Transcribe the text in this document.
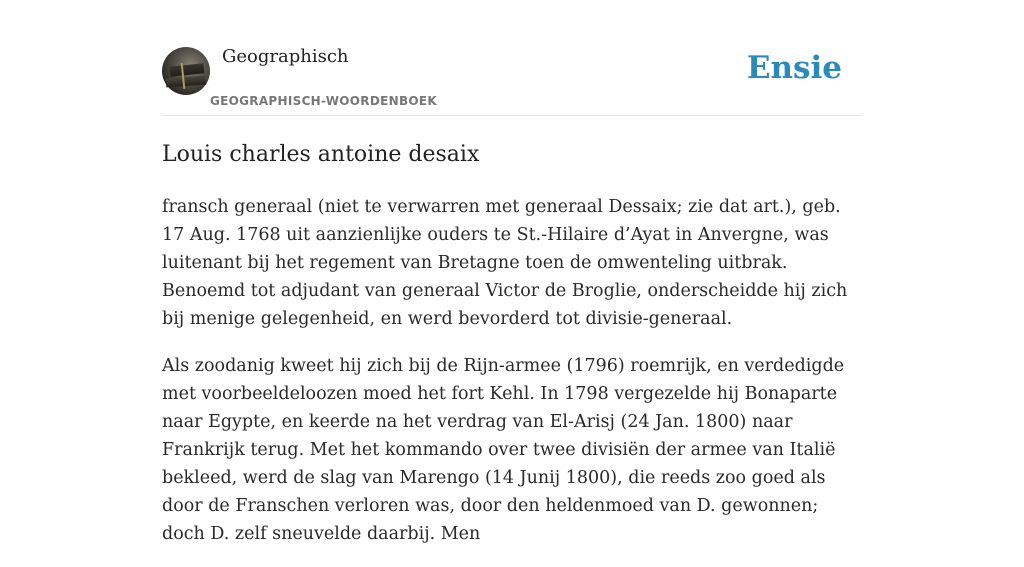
Geographisch
GEOGRAPHISCH-WOORDENBOEK
Ensie
Louis charles antoine desaix

fransch generaal (niet te verwarren met generaal Dessaix; zie dat art.), geb. 17 Aug. 1768 uit aanzienlijke ouders te St.-Hilaire d’Ayat in Anvergne, was luitenant bij het regement van Bretagne toen de omwenteling uitbrak. Benoemd tot adjudant van generaal Victor de Broglie, onderscheidde hij zich bij menige gelegenheid, en werd bevorderd tot divisie-generaal.

Als zoodanig kweet hij zich bij de Rijn-armee (1796) roemrijk, en verdedigde met voorbeeldeloozen moed het fort Kehl. In 1798 vergezelde hij Bonaparte naar Egypte, en keerde na het verdrag van El-Arisj (24 Jan. 1800) naar Frankrijk terug. Met het kommando over twee divisiën der armee van Italië bekleed, werd de slag van Marengo (14 Junij 1800), die reeds zoo goed als door de Franschen verloren was, door den heldenmoed van D. gewonnen; doch D. zelf sneuvelde daarbij. Men
